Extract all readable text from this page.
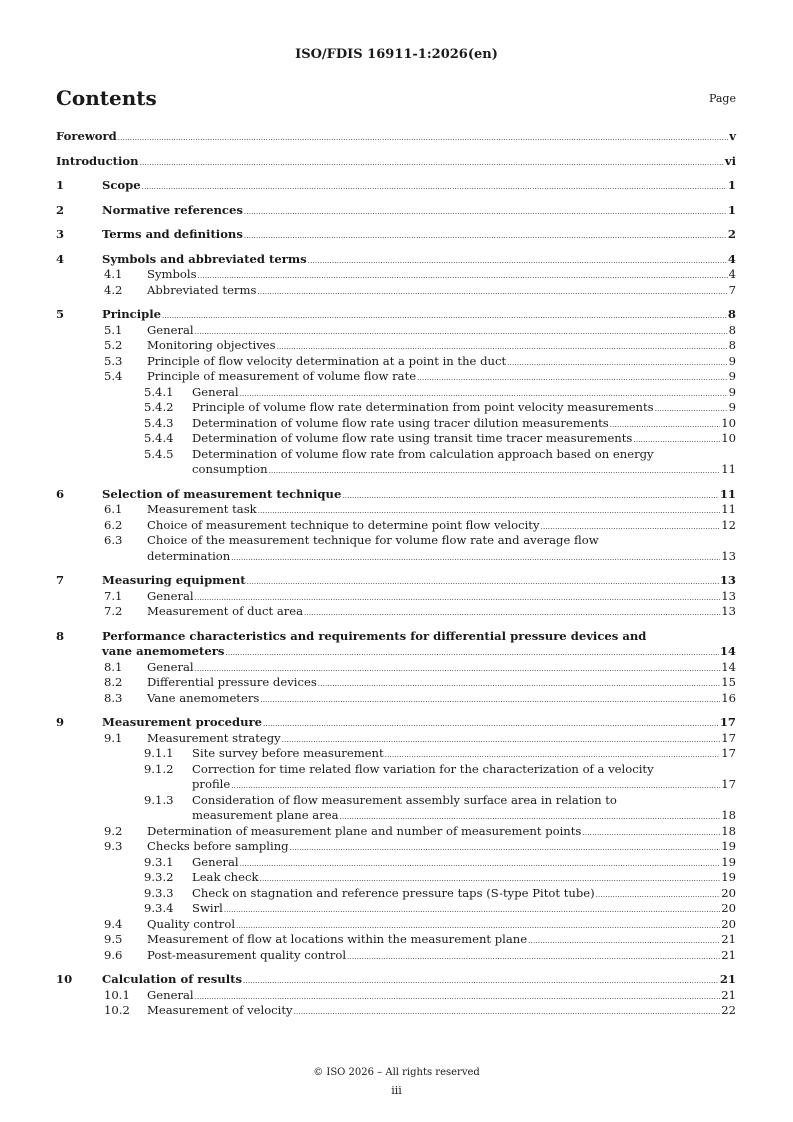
ISO/FDIS 16911-1:2026(en)
Contents	Page
Foreword .....	v
Introduction .....	vi
1	Scope .....	1
2	Normative references .....	1
3	Terms and definitions .....	2
4	Symbols and abbreviated terms .....	4
4.1 Symbols .....	4
4.2 Abbreviated terms .....	7
5	Principle .....	8
5.1 General .....	8
5.2 Monitoring objectives .....	8
5.3 Principle of flow velocity determination at a point in the duct .....	9
5.4 Principle of measurement of volume flow rate .....	9
5.4.1 General .....	9
5.4.2 Principle of volume flow rate determination from point velocity measurements .....	9
5.4.3 Determination of volume flow rate using tracer dilution measurements .....	10
5.4.4 Determination of volume flow rate using transit time tracer measurements .....	10
5.4.5 Determination of volume flow rate from calculation approach based on energy
consumption .....	11
6	Selection of measurement technique .....	11
6.1 Measurement task .....	11
6.2 Choice of measurement technique to determine point flow velocity .....	12
6.3 Choice of the measurement technique for volume flow rate and average flow
determination .....	13
7	Measuring equipment .....	13
7.1 General .....	13
7.2 Measurement of duct area .....	13
8	Performance characteristics and requirements for differential pressure devices and
vane anemometers .....	14
8.1 General .....	14
8.2 Differential pressure devices .....	15
8.3 Vane anemometers .....	16
9	Measurement procedure .....	17
9.1 Measurement strategy .....	17
9.1.1 Site survey before measurement .....	17
9.1.2 Correction for time related flow variation for the characterization of a velocity
profile .....	17
9.1.3 Consideration of flow measurement assembly surface area in relation to
measurement plane area .....	18
9.2 Determination of measurement plane and number of measurement points .....	18
9.3 Checks before sampling .....	19
9.3.1 General .....	19
9.3.2 Leak check .....	19
9.3.3 Check on stagnation and reference pressure taps (S-type Pitot tube) .....	20
9.3.4 Swirl .....	20
9.4 Quality control .....	20
9.5 Measurement of flow at locations within the measurement plane .....	21
9.6 Post-measurement quality control .....	21
10	Calculation of results .....	21
10.1 General .....	21
10.2 Measurement of velocity .....	22
© ISO 2026 – All rights reserved
iii
